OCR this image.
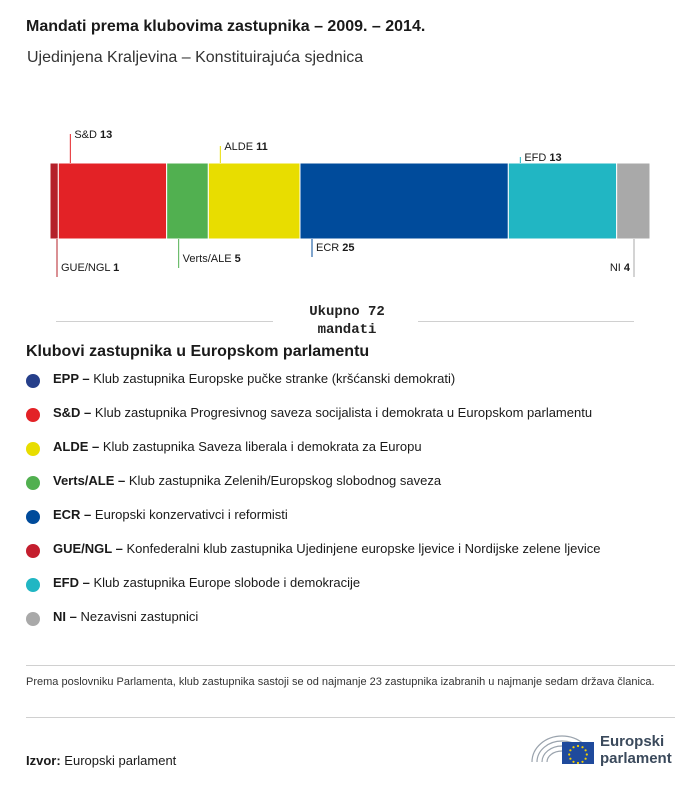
Mandati prema klubovima zastupnika – 2009. – 2014.
Ujedinjena Kraljevina – Konstituirajuća sjednica
GUE/NGL 1
S&D 13
Verts/ALE 5
ALDE 11
ECR 25
EFD 13
NI 4
Ukupno 72
mandati
Klubovi zastupnika u Europskom parlamentu
EPP – Klub zastupnika Europske pučke stranke (kršćanski demokrati)
S&D – Klub zastupnika Progresivnog saveza socijalista i demokrata u Europskom parlamentu
ALDE – Klub zastupnika Saveza liberala i demokrata za Europu
Verts/ALE – Klub zastupnika Zelenih/Europskog slobodnog saveza
ECR – Europski konzervativci i reformisti
GUE/NGL – Konfederalni klub zastupnika Ujedinjene europske ljevice i Nordijske zelene ljevice
EFD – Klub zastupnika Europe slobode i demokracije
NI – Nezavisni zastupnici
Prema poslovniku Parlamenta, klub zastupnika sastoji se od najmanje 23 zastupnika izabranih u najmanje sedam država članica.
Izvor: Europski parlament
Europski
parlament
